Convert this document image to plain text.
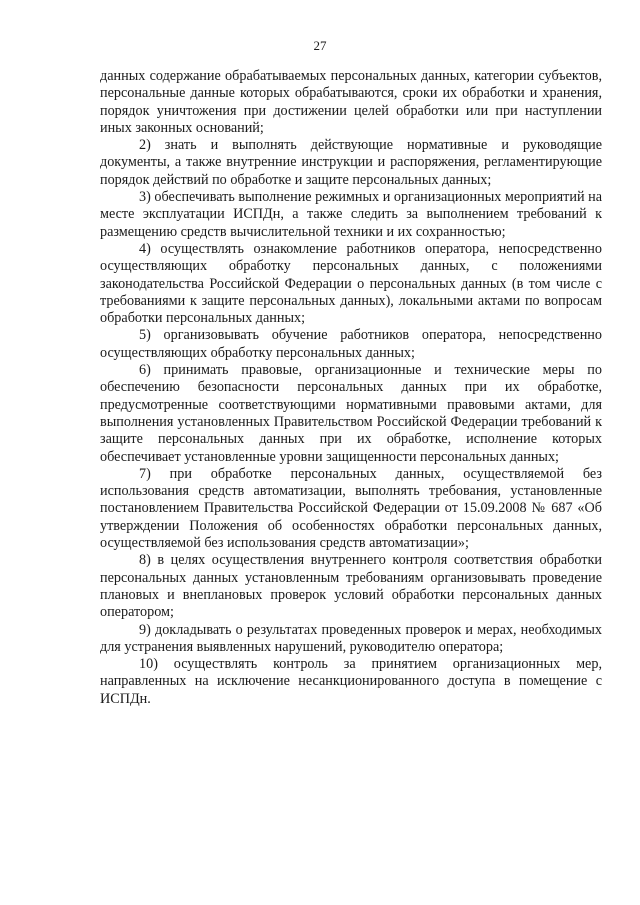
27

данных содержание обрабатываемых персональных данных, категории субъектов, персональные данные которых обрабатываются, сроки их обработки и хранения, порядок уничтожения при достижении целей обработки или при наступлении иных законных оснований;

2) знать и выполнять действующие нормативные и руководящие документы, а также внутренние инструкции и распоряжения, регламентирующие порядок действий по обработке и защите персональных данных;

3) обеспечивать выполнение режимных и организационных мероприятий на месте эксплуатации ИСПДн, а также следить за выполнением требований к размещению средств вычислительной техники и их сохранностью;

4) осуществлять ознакомление работников оператора, непосредственно осуществляющих обработку персональных данных, с положениями законодательства Российской Федерации о персональных данных (в том числе с требованиями к защите персональных данных), локальными актами по вопросам обработки персональных данных;

5) организовывать обучение работников оператора, непосредственно осуществляющих обработку персональных данных;

6) принимать правовые, организационные и технические меры по обеспечению безопасности персональных данных при их обработке, предусмотренные соответствующими нормативными правовыми актами, для выполнения установленных Правительством Российской Федерации требований к защите персональных данных при их обработке, исполнение которых обеспечивает установленные уровни защищенности персональных данных;

7) при обработке персональных данных, осуществляемой без использования средств автоматизации, выполнять требования, установленные постановлением Правительства Российской Федерации от 15.09.2008 № 687 «Об утверждении Положения об особенностях обработки персональных данных, осуществляемой без использования средств автоматизации»;

8) в целях осуществления внутреннего контроля соответствия обработки персональных данных установленным требованиям организовывать проведение плановых и внеплановых проверок условий обработки персональных данных оператором;

9) докладывать о результатах проведенных проверок и мерах, необходимых для устранения выявленных нарушений, руководителю оператора;

10) осуществлять контроль за принятием организационных мер, направленных на исключение несанкционированного доступа в помещение с ИСПДн.
